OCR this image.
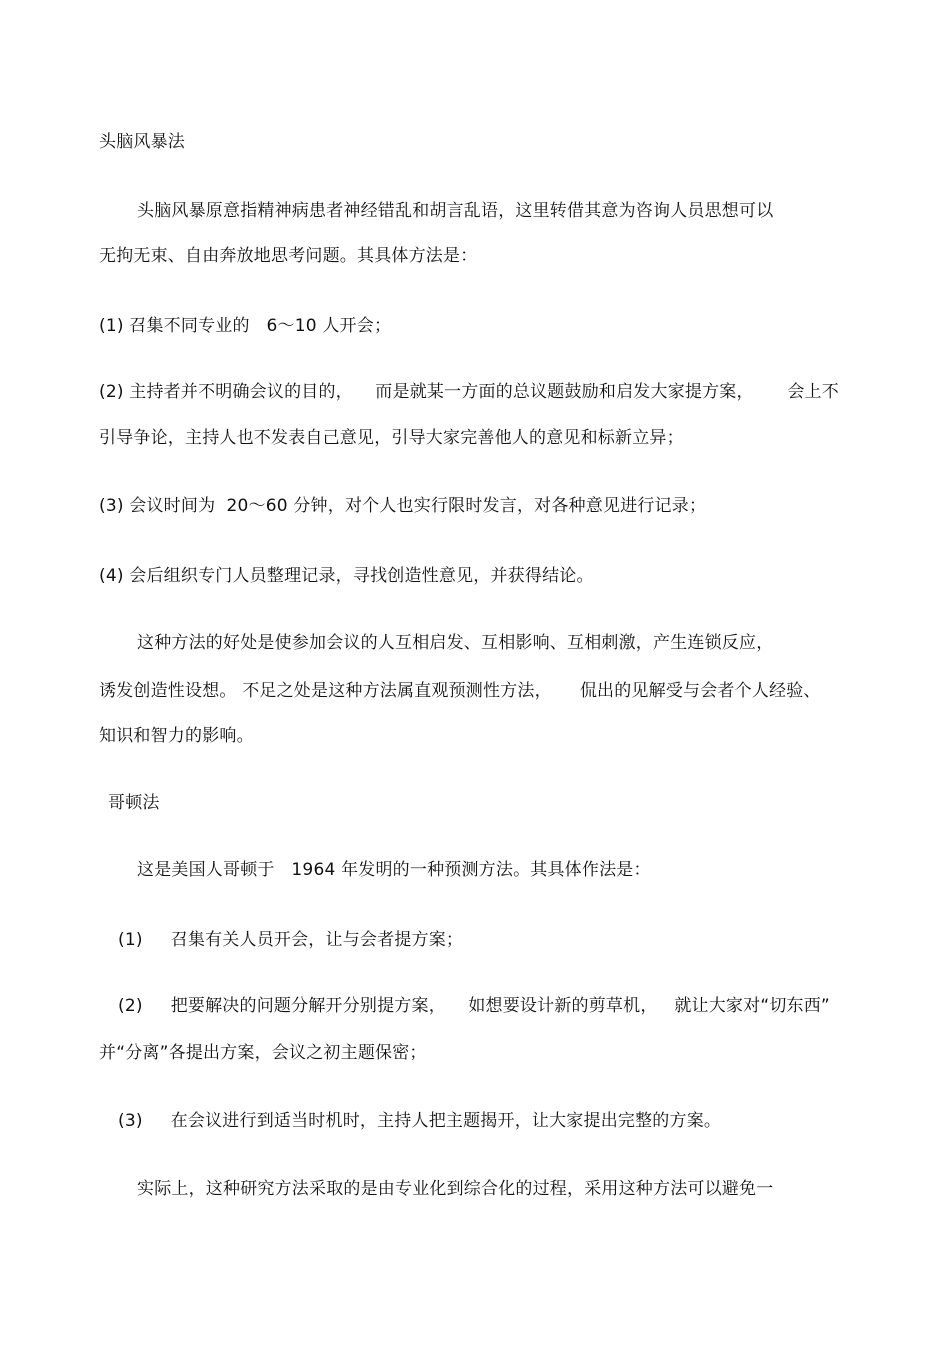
头脑风暴法
头脑风暴原意指精神病患者神经错乱和胡言乱语，这里转借其意为咨询人员思想可以
无拘无束、自由奔放地思考问题。其具体方法是：
(1) 召集不同专业的   6～10 人开会；
(2) 主持者并不明确会议的目的，    而是就某一方面的总议题鼓励和启发大家提方案，      会上不
引导争论，主持人也不发表自己意见，引导大家完善他人的意见和标新立异；
(3) 会议时间为  20～60 分钟，对个人也实行限时发言，对各种意见进行记录；
(4) 会后组织专门人员整理记录，寻找创造性意见，并获得结论。
这种方法的好处是使参加会议的人互相启发、互相影响、互相刺激，产生连锁反应，
诱发创造性设想。 不足之处是这种方法属直观预测性方法，     侃出的见解受与会者个人经验、
知识和智力的影响。
哥顿法
这是美国人哥顿于   1964 年发明的一种预测方法。其具体作法是：
(1)     召集有关人员开会，让与会者提方案；
(2)     把要解决的问题分解开分别提方案，    如想要设计新的剪草机，   就让大家对“切东西”
并“分离”各提出方案，会议之初主题保密；
(3)     在会议进行到适当时机时，主持人把主题揭开，让大家提出完整的方案。
实际上，这种研究方法采取的是由专业化到综合化的过程，采用这种方法可以避免一
